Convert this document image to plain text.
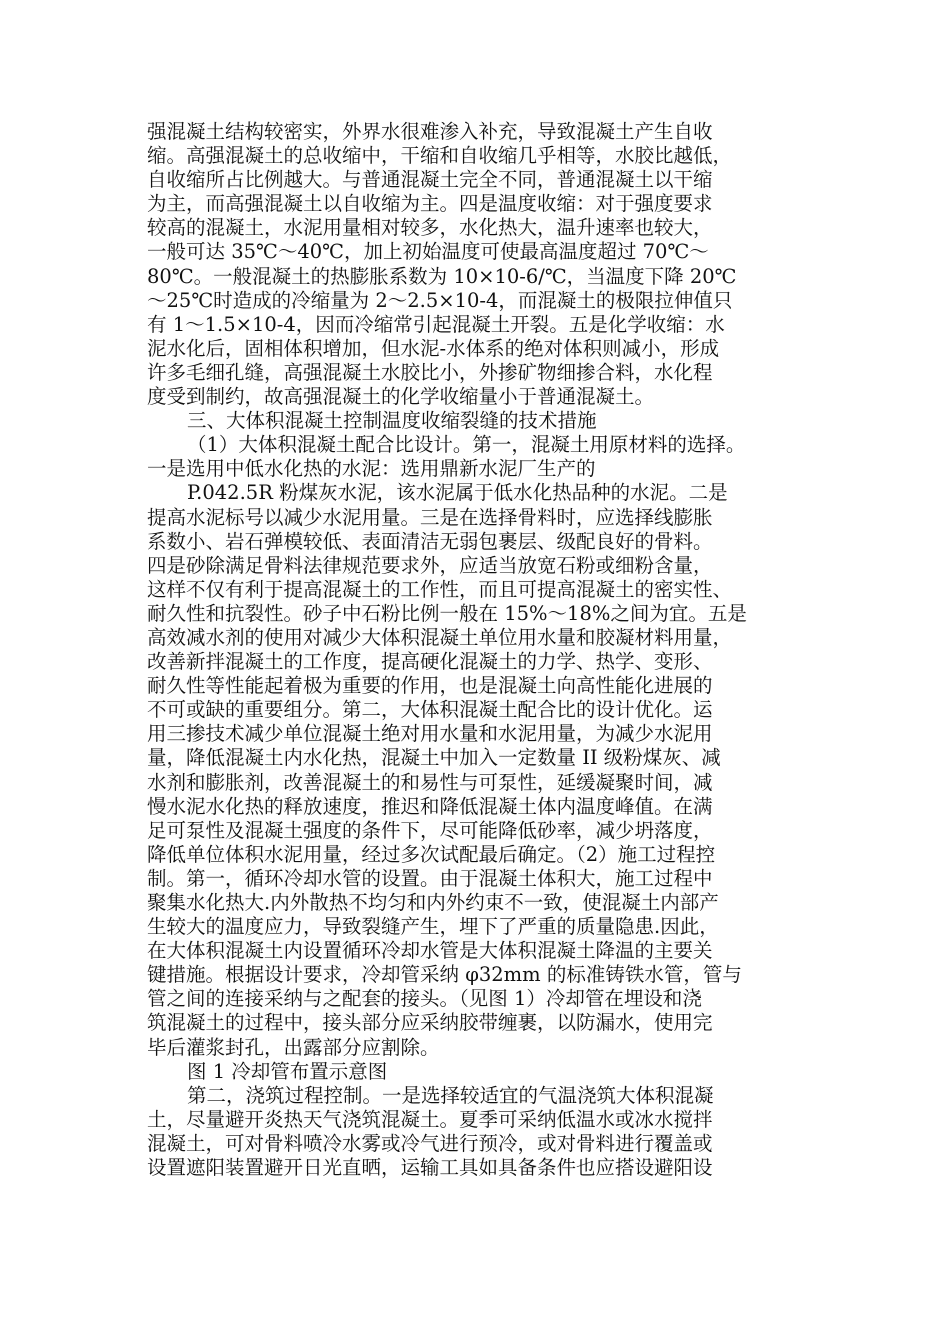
强混凝土结构较密实，外界水很难渗入补充，导致混凝土产生自收
缩。高强混凝土的总收缩中，干缩和自收缩几乎相等，水胶比越低，
自收缩所占比例越大。与普通混凝土完全不同，普通混凝土以干缩
为主，而高强混凝土以自收缩为主。四是温度收缩：对于强度要求
较高的混凝土，水泥用量相对较多，水化热大，温升速率也较大，
一般可达 35℃～40℃，加上初始温度可使最高温度超过 70℃～
80℃。一般混凝土的热膨胀系数为 10×10-6/℃，当温度下降 20℃
～25℃时造成的冷缩量为 2～2.5×10-4，而混凝土的极限拉伸值只
有 1～1.5×10-4，因而冷缩常引起混凝土开裂。五是化学收缩：水
泥水化后，固相体积增加，但水泥-水体系的绝对体积则减小，形成
许多毛细孔缝，高强混凝土水胶比小，外掺矿物细掺合料，水化程
度受到制约，故高强混凝土的化学收缩量小于普通混凝土。
三、大体积混凝土控制温度收缩裂缝的技术措施
（1）大体积混凝土配合比设计。第一，混凝土用原材料的选择。
一是选用中低水化热的水泥：选用鼎新水泥厂生产的
P.042.5R 粉煤灰水泥，该水泥属于低水化热品种的水泥。二是
提高水泥标号以减少水泥用量。三是在选择骨料时，应选择线膨胀
系数小、岩石弹模较低、表面清洁无弱包裹层、级配良好的骨料。
四是砂除满足骨料法律规范要求外，应适当放宽石粉或细粉含量，
这样不仅有利于提高混凝土的工作性，而且可提高混凝土的密实性、
耐久性和抗裂性。砂子中石粉比例一般在 15%～18%之间为宜。五是
高效减水剂的使用对减少大体积混凝土单位用水量和胶凝材料用量，
改善新拌混凝土的工作度，提高硬化混凝土的力学、热学、变形、
耐久性等性能起着极为重要的作用，也是混凝土向高性能化进展的
不可或缺的重要组分。第二，大体积混凝土配合比的设计优化。运
用三掺技术减少单位混凝土绝对用水量和水泥用量，为减少水泥用
量，降低混凝土内水化热，混凝土中加入一定数量 II 级粉煤灰、减
水剂和膨胀剂，改善混凝土的和易性与可泵性，延缓凝聚时间，减
慢水泥水化热的释放速度，推迟和降低混凝土体内温度峰值。在满
足可泵性及混凝土强度的条件下，尽可能降低砂率，减少坍落度，
降低单位体积水泥用量，经过多次试配最后确定。（2）施工过程控
制。第一，循环冷却水管的设置。由于混凝土体积大，施工过程中
聚集水化热大.内外散热不均匀和内外约束不一致，使混凝土内部产
生较大的温度应力，导致裂缝产生，埋下了严重的质量隐患.因此，
在大体积混凝土内设置循环冷却水管是大体积混凝土降温的主要关
键措施。根据设计要求，冷却管采纳 φ32mm 的标准铸铁水管，管与
管之间的连接采纳与之配套的接头。（见图 1）冷却管在埋设和浇
筑混凝土的过程中，接头部分应采纳胶带缠裹，以防漏水，使用完
毕后灌浆封孔，出露部分应割除。
图 1 冷却管布置示意图
第二，浇筑过程控制。一是选择较适宜的气温浇筑大体积混凝
土，尽量避开炎热天气浇筑混凝土。夏季可采纳低温水或冰水搅拌
混凝土，可对骨料喷冷水雾或冷气进行预冷，或对骨料进行覆盖或
设置遮阳装置避开日光直晒，运输工具如具备条件也应搭设避阳设
